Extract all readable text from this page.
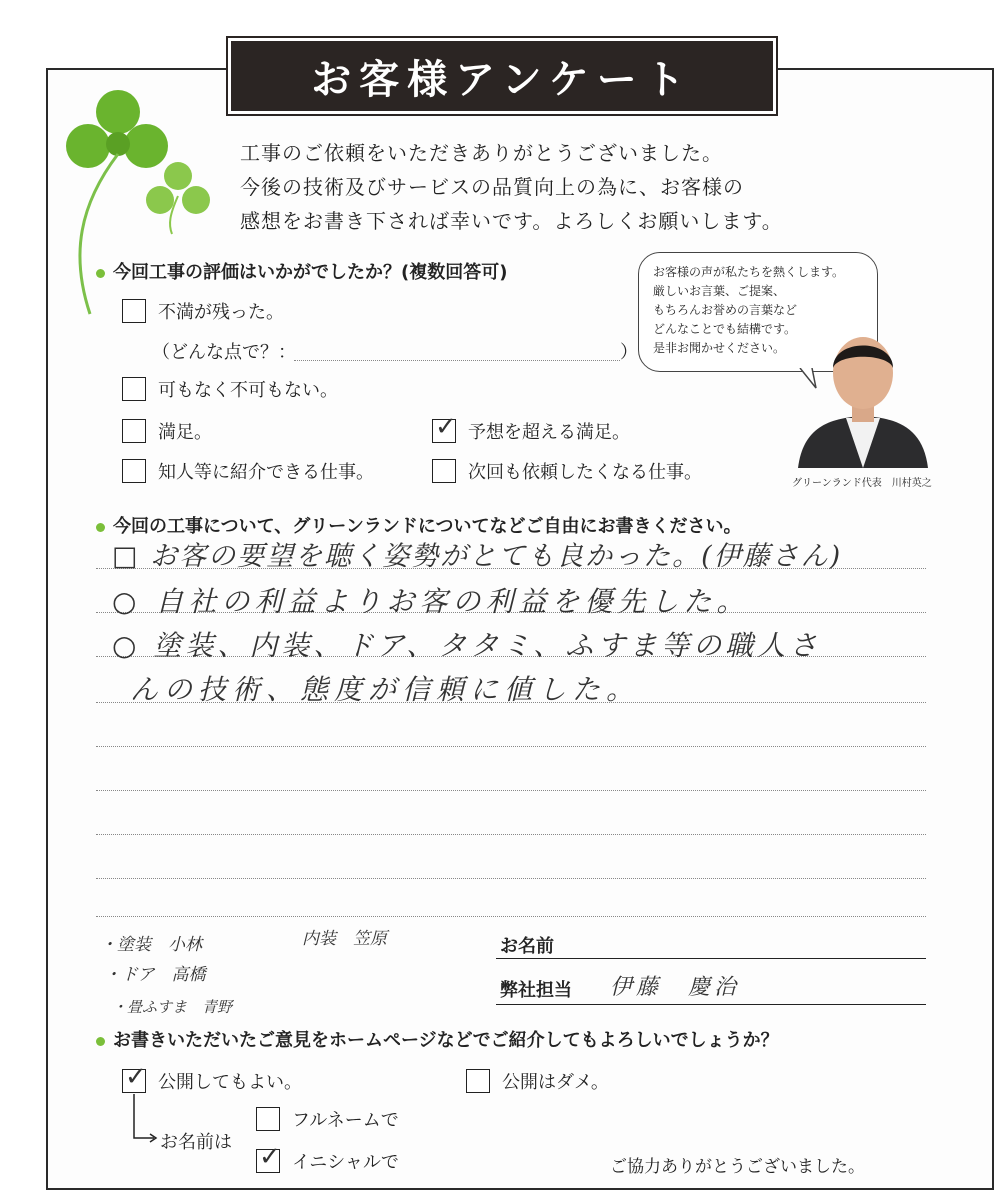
お客様アンケート
工事のご依頼をいただきありがとうございました。
今後の技術及びサービスの品質向上の為に、お客様の
感想をお書き下されば幸いです。よろしくお願いします。
今回工事の評価はいかがでしたか？(複数回答可)
不満が残った。
（どんな点で？：	）
可もなく不可もない。
満足。	✓ 予想を超える満足。
知人等に紹介できる仕事。	次回も依頼したくなる仕事。
お客様の声が私たちを熱くします。
厳しいお言葉、ご提案、
もちろんお誉めの言葉など
どんなことでも結構です。
是非お聞かせください。
グリーンランド代表　川村英之
今回の工事について、グリーンランドについてなどご自由にお書きください。
□ お客の要望を聴く姿勢がとても良かった。(伊藤さん)
○ 自社の利益よりお客の利益を優先した。
○ 塗装、内装、ドア、タタミ、ふすま等の職人さ
んの技術、態度が信頼に値した。
・塗装　小林	内装　笠原
・ドア　高橋
・畳ふすま　青野
お名前
弊社担当 伊藤　慶治
お書きいただいたご意見をホームページなどでご紹介してもよろしいでしょうか？
✓ 公開してもよい。	公開はダメ。
お名前は
フルネームで
✓ イニシャルで	ご協力ありがとうございました。
